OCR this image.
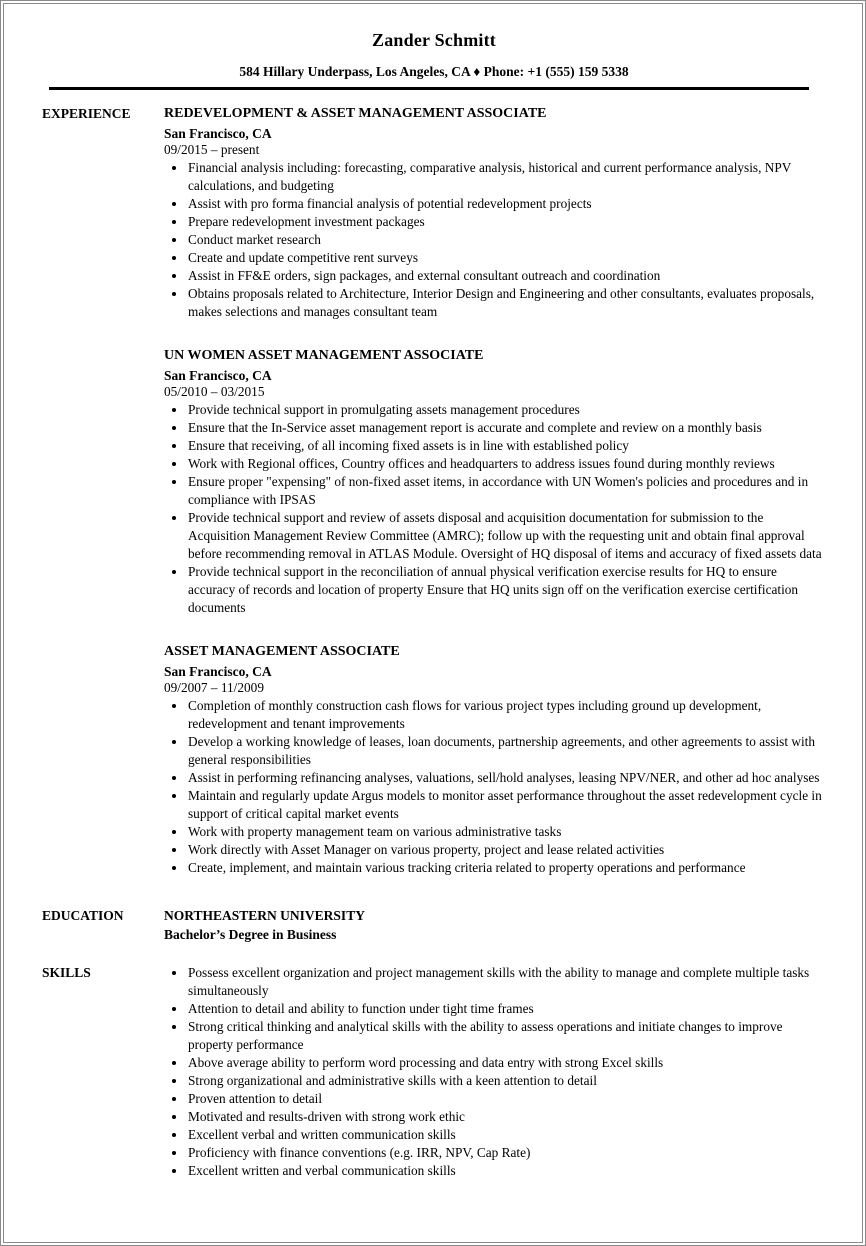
Zander Schmitt

584 Hillary Underpass, Los Angeles, CA ♦ Phone: +1 (555) 159 5338

EXPERIENCE	REDEVELOPMENT & ASSET MANAGEMENT ASSOCIATE
San Francisco, CA
09/2015 – present
• Financial analysis including: forecasting, comparative analysis, historical and current performance analysis, NPV calculations, and budgeting
• Assist with pro forma financial analysis of potential redevelopment projects
• Prepare redevelopment investment packages
• Conduct market research
• Create and update competitive rent surveys
• Assist in FF&E orders, sign packages, and external consultant outreach and coordination
• Obtains proposals related to Architecture, Interior Design and Engineering and other consultants, evaluates proposals, makes selections and manages consultant team
UN WOMEN ASSET MANAGEMENT ASSOCIATE
San Francisco, CA
05/2010 – 03/2015
• Provide technical support in promulgating assets management procedures
• Ensure that the In-Service asset management report is accurate and complete and review on a monthly basis
• Ensure that receiving, of all incoming fixed assets is in line with established policy
• Work with Regional offices, Country offices and headquarters to address issues found during monthly reviews
• Ensure proper "expensing" of non-fixed asset items, in accordance with UN Women's policies and procedures and in compliance with IPSAS
• Provide technical support and review of assets disposal and acquisition documentation for submission to the Acquisition Management Review Committee (AMRC); follow up with the requesting unit and obtain final approval before recommending removal in ATLAS Module. Oversight of HQ disposal of items and accuracy of fixed assets data
• Provide technical support in the reconciliation of annual physical verification exercise results for HQ to ensure accuracy of records and location of property Ensure that HQ units sign off on the verification exercise certification documents
ASSET MANAGEMENT ASSOCIATE
San Francisco, CA
09/2007 – 11/2009
• Completion of monthly construction cash flows for various project types including ground up development, redevelopment and tenant improvements
• Develop a working knowledge of leases, loan documents, partnership agreements, and other agreements to assist with general responsibilities
• Assist in performing refinancing analyses, valuations, sell/hold analyses, leasing NPV/NER, and other ad hoc analyses
• Maintain and regularly update Argus models to monitor asset performance throughout the asset redevelopment cycle in support of critical capital market events
• Work with property management team on various administrative tasks
• Work directly with Asset Manager on various property, project and lease related activities
• Create, implement, and maintain various tracking criteria related to property operations and performance
EDUCATION	NORTHEASTERN UNIVERSITY
Bachelor’s Degree in Business
SKILLS	• Possess excellent organization and project management skills with the ability to manage and complete multiple tasks simultaneously
• Attention to detail and ability to function under tight time frames
• Strong critical thinking and analytical skills with the ability to assess operations and initiate changes to improve property performance
• Above average ability to perform word processing and data entry with strong Excel skills
• Strong organizational and administrative skills with a keen attention to detail
• Proven attention to detail
• Motivated and results-driven with strong work ethic
• Excellent verbal and written communication skills
• Proficiency with finance conventions (e.g. IRR, NPV, Cap Rate)
• Excellent written and verbal communication skills
